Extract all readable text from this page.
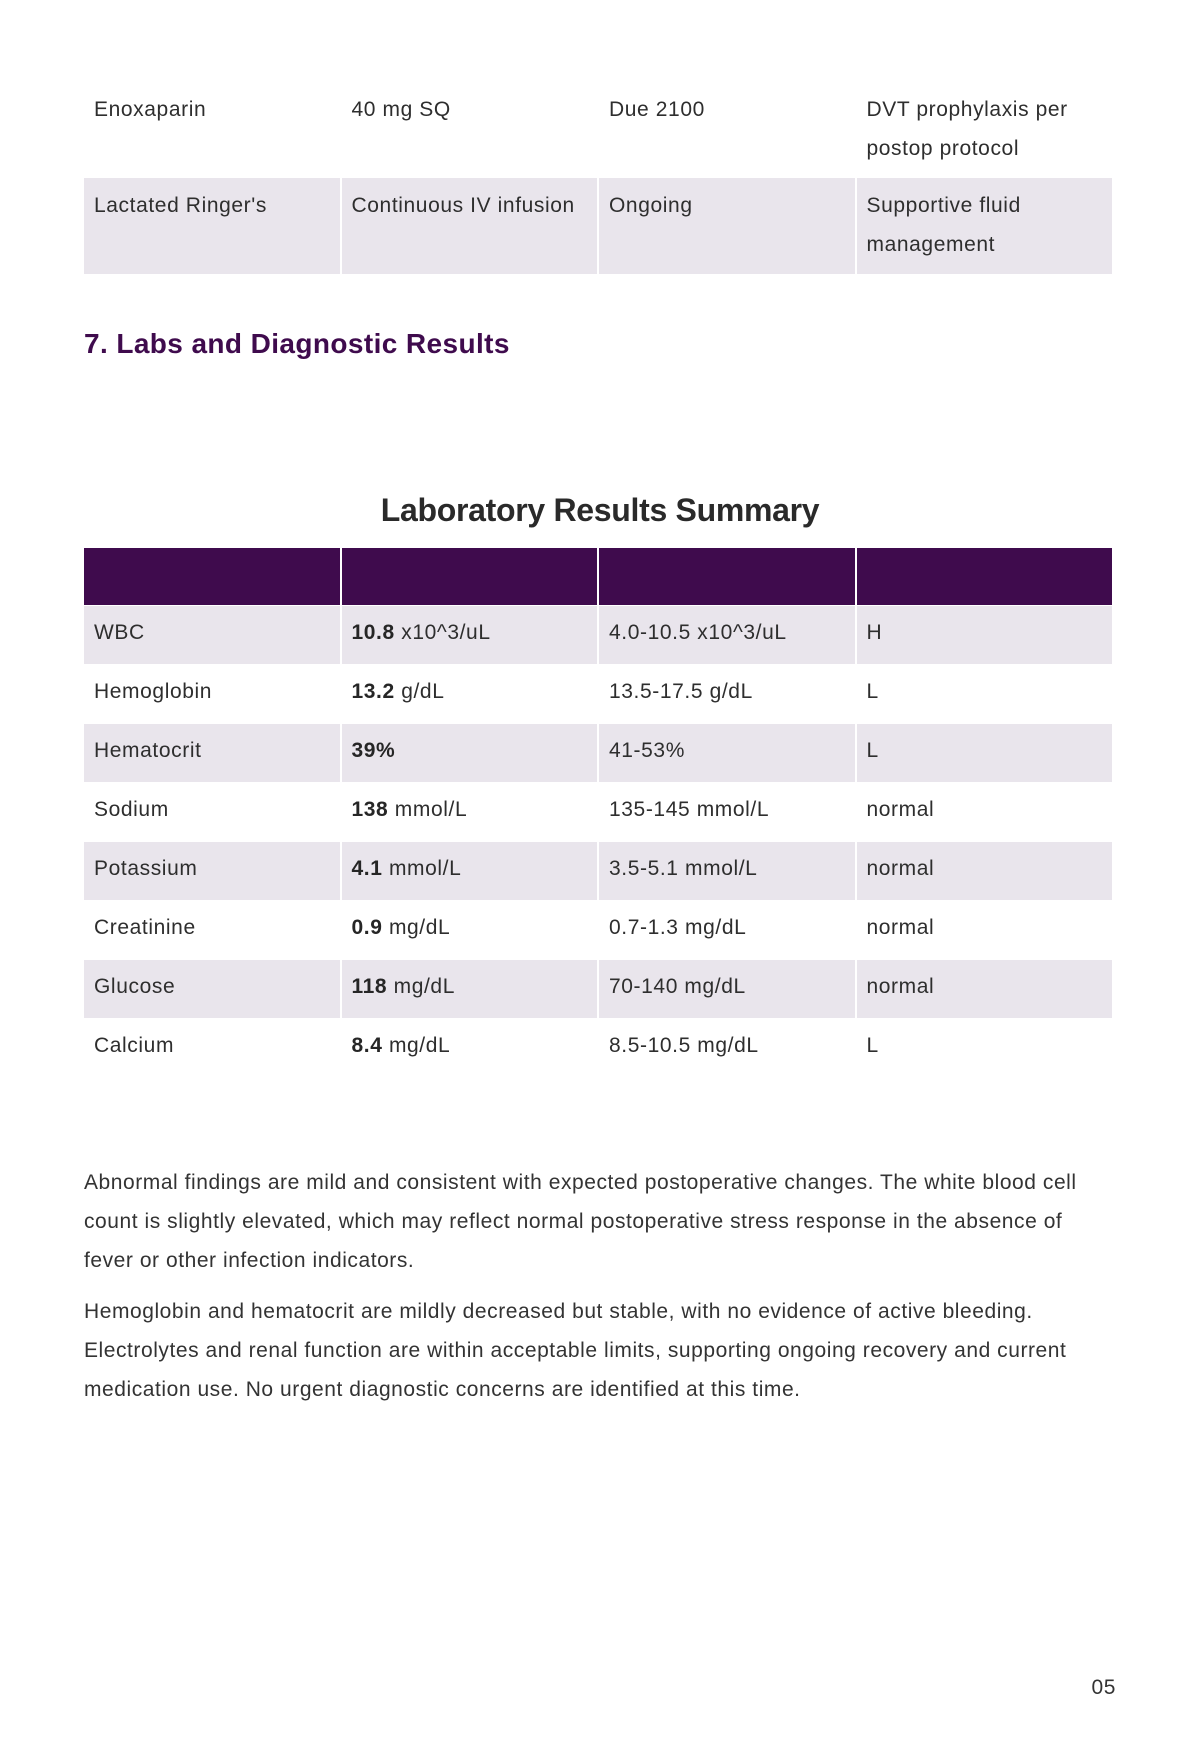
Enoxaparin	40 mg SQ	Due 2100	DVT prophylaxis per postop protocol
Lactated Ringer's	Continuous IV infusion	Ongoing	Supportive fluid management
7. Labs and Diagnostic Results
Laboratory Results Summary

WBC	10.8 x10^3/uL	4.0-10.5 x10^3/uL	H
Hemoglobin	13.2 g/dL	13.5-17.5 g/dL	L
Hematocrit	39%	41-53%	L
Sodium	138 mmol/L	135-145 mmol/L	normal
Potassium	4.1 mmol/L	3.5-5.1 mmol/L	normal
Creatinine	0.9 mg/dL	0.7-1.3 mg/dL	normal
Glucose	118 mg/dL	70-140 mg/dL	normal
Calcium	8.4 mg/dL	8.5-10.5 mg/dL	L

Abnormal findings are mild and consistent with expected postoperative changes. The white blood cell count is slightly elevated, which may reflect normal postoperative stress response in the absence of fever or other infection indicators.

Hemoglobin and hematocrit are mildly decreased but stable, with no evidence of active bleeding. Electrolytes and renal function are within acceptable limits, supporting ongoing recovery and current medication use. No urgent diagnostic concerns are identified at this time.

05
